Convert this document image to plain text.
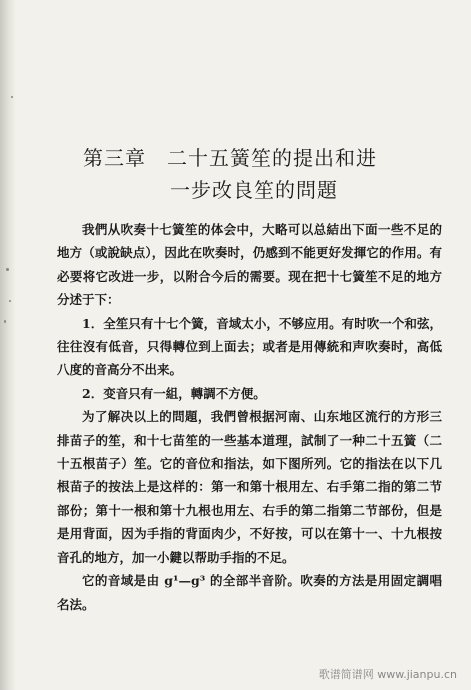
第三章　二十五簧笙的提出和进
一步改良笙的問題

我們从吹奏十七簧笙的体会中，大略可以总結出下面一些不足的地方（或說缺点），因此在吹奏时，仍感到不能更好发揮它的作用。有必要将它改进一步，以附合今后的需要。现在把十七簧笙不足的地方分述于下：

1．全笙只有十七个簧，音域太小，不够应用。有时吹一个和弦，往往沒有低音，只得轉位到上面去；或者是用傳統和声吹奏时，高低八度的音高分不出来。

2．变音只有一組，轉調不方便。

为了解决以上的問題，我們曾根据河南、山东地区流行的方形三排苗子的笙，和十七苗笙的一些基本道理，試制了一种二十五簧（二十五根苗子）笙。它的音位和指法，如下图所列。它的指法在以下几根苗子的按法上是这样的：第一和第十根用左、右手第二指的第二节部份；第十一根和第十九根也用左、右手的第二指第二节部份，但是是用背面，因为手指的背面肉少，不好按，可以在第十一、十九根按音孔的地方，加一小鍵以帮助手指的不足。

它的音域是由 g¹—g³ 的全部半音阶。吹奏的方法是用固定調唱名法。

歌谱简谱网 www.jianpu.cn
